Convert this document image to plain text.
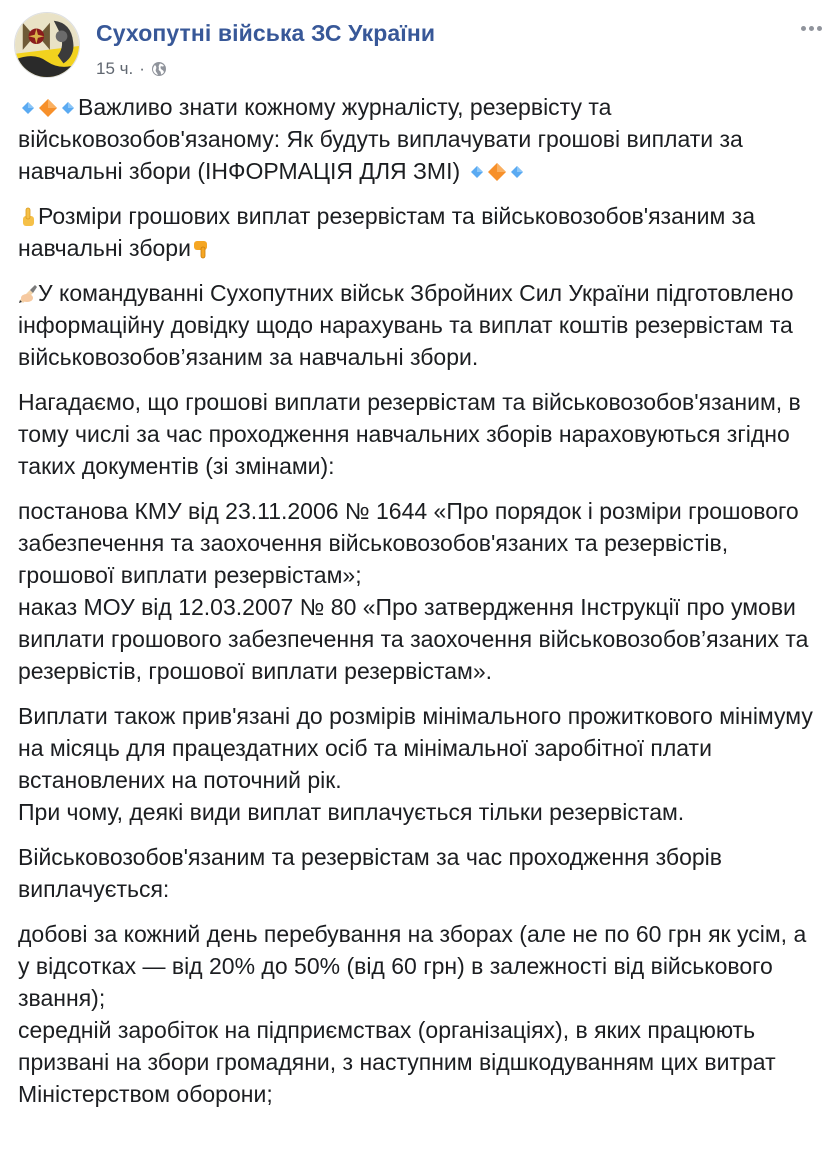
Сухопутні війська ЗС України
15 ч. ·

Важливо знати кожному журналісту, резервісту та військовозобов'язаному: Як будуть виплачувати грошові виплати за навчальні збори (ІНФОРМАЦІЯ ДЛЯ ЗМІ)

Розміри грошових виплат резервістам та військовозобов'язаним за навчальні збори

У командуванні Сухопутних військ Збройних Сил України підготовлено інформаційну довідку щодо нарахувань та виплат коштів резервістам та військовозобов’язаним за навчальні збори.

Нагадаємо, що грошові виплати резервістам та військовозобов'язаним, в тому числі за час проходження навчальних зборів нараховуються згідно таких документів (зі змінами):

постанова КМУ від 23.11.2006 № 1644 «Про порядок і розміри грошового забезпечення та заохочення військовозобов'язаних та резервістів, грошової виплати резервістам»;

наказ МОУ від 12.03.2007 № 80 «Про затвердження Інструкції про умови виплати грошового забезпечення та заохочення військовозобов’язаних та резервістів, грошової виплати резервістам».

Виплати також прив'язані до розмірів мінімального прожиткового мінімуму на місяць для працездатних осіб та мінімальної заробітної плати встановлених на поточний рік.

При чому, деякі види виплат виплачується тільки резервістам.

Військовозобов'язаним та резервістам за час проходження зборів виплачується:

добові за кожний день перебування на зборах (але не по 60 грн як усім, а у відсотках — від 20% до 50% (від 60 грн) в залежності від військового звання);

середній заробіток на підприємствах (організаціях), в яких працюють призвані на збори громадяни, з наступним відшкодуванням цих витрат Міністерством оборони;
